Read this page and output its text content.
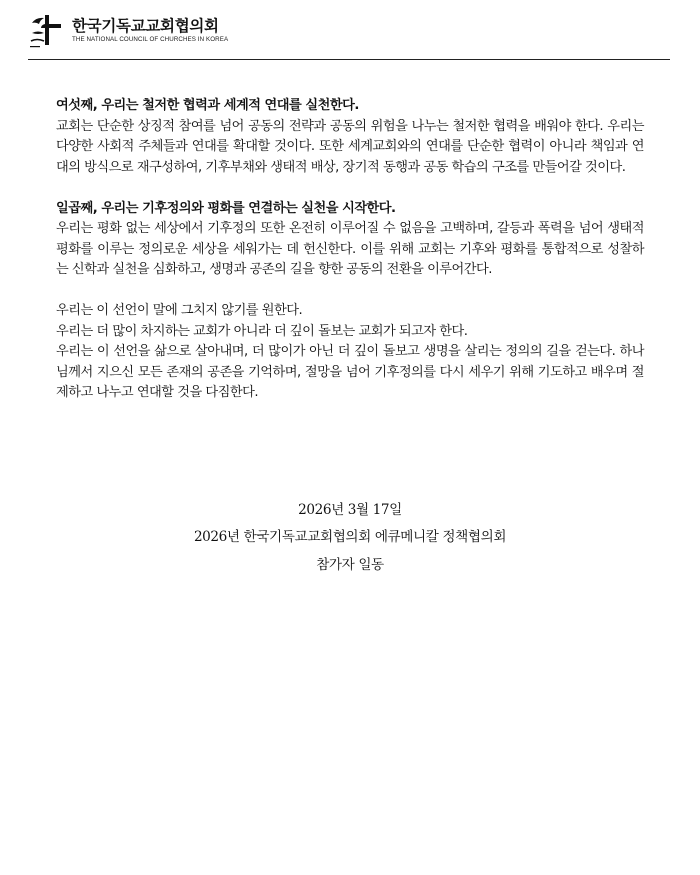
한국기독교교회협의회
THE NATIONAL COUNCIL OF CHURCHES IN KOREA

여섯째, 우리는 철저한 협력과 세계적 연대를 실천한다.

교회는 단순한 상징적 참여를 넘어 공동의 전략과 공동의 위험을 나누는 철저한 협력을 배워야 한다. 우리는 다양한 사회적 주체들과 연대를 확대할 것이다. 또한 세계교회와의 연대를 단순한 협력이 아니라 책임과 연대의 방식으로 재구성하여, 기후부채와 생태적 배상, 장기적 동행과 공동 학습의 구조를 만들어갈 것이다.

일곱째, 우리는 기후정의와 평화를 연결하는 실천을 시작한다.

우리는 평화 없는 세상에서 기후정의 또한 온전히 이루어질 수 없음을 고백하며, 갈등과 폭력을 넘어 생태적 평화를 이루는 정의로운 세상을 세워가는 데 헌신한다. 이를 위해 교회는 기후와 평화를 통합적으로 성찰하는 신학과 실천을 심화하고, 생명과 공존의 길을 향한 공동의 전환을 이루어간다.

우리는 이 선언이 말에 그치지 않기를 원한다.

우리는 더 많이 차지하는 교회가 아니라 더 깊이 돌보는 교회가 되고자 한다.

우리는 이 선언을 삶으로 살아내며, 더 많이가 아닌 더 깊이 돌보고 생명을 살리는 정의의 길을 걷는다. 하나님께서 지으신 모든 존재의 공존을 기억하며, 절망을 넘어 기후정의를 다시 세우기 위해 기도하고 배우며 절제하고 나누고 연대할 것을 다짐한다.

2026년 3월 17일
2026년 한국기독교교회협의회 에큐메니칼 정책협의회
참가자 일동
